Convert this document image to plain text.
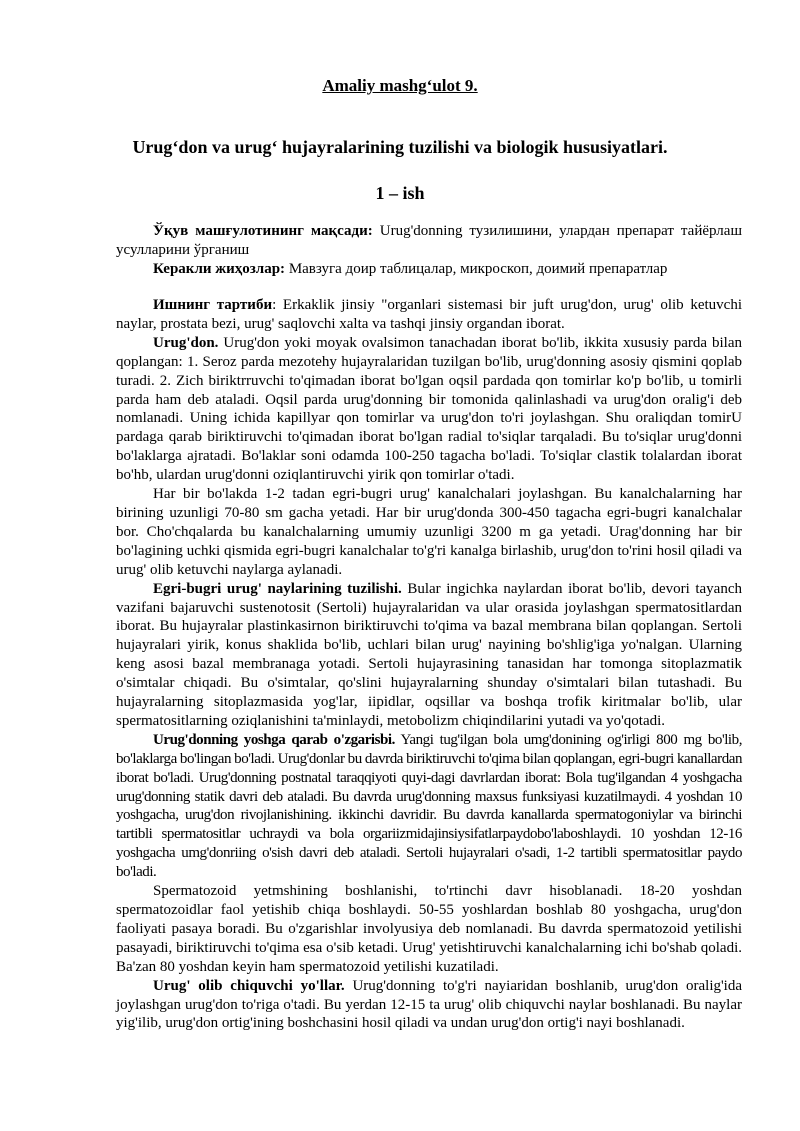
Amaliy mashg‘ulot 9.

Urug‘don va urug‘ hujayralarining tuzilishi va biologik hususiyatlari.

1 – ish

Ўқув машғулотининг мақсади: Urug'donning тузилишини, улардан препарат тайёрлаш усулларини ўрганиш

Керакли жиҳозлар: Мавзуга доир таблицалар, микроскоп, доимий препаратлар

Ишнинг тартиби: Erkaklik jinsiy "organlari sistemasi bir juft urug'don, urug' olib ketuvchi naylar, prostata bezi, urug' saqlovchi xalta va tashqi jinsiy organdan iborat.

Urug'don. Urug'don yoki moyak ovalsimon tanachadan iborat bo'lib, ikkita xususiy parda bilan qoplangan: 1. Seroz parda mezotehy hujayralaridan tuzilgan bo'lib, urug'donning asosiy qismini qoplab turadi. 2. Zich biriktrruvchi to'qimadan iborat bo'lgan oqsil pardada qon tomirlar ko'p bo'lib, u tomirli parda ham deb ataladi. Oqsil parda urug'donning bir tomonida qalinlashadi va urug'don oralig'i deb nomlanadi. Uning ichida kapillyar qon tomirlar va urug'don to'ri joylashgan. Shu oraliqdan tomirU pardaga qarab biriktiruvchi to'qimadan iborat bo'lgan radial to'siqlar tarqaladi. Bu to'siqlar urug'donni bo'laklarga ajratadi. Bo'laklar soni odamda 100-250 tagacha bo'ladi. To'siqlar clastik tolalardan iborat bo'hb, ulardan urug'donni oziqlantiruvchi yirik qon tomirlar o'tadi.

Har bir bo'lakda 1-2 tadan egri-bugri urug' kanalchalari joylashgan. Bu kanalchalarning har birining uzunligi 70-80 sm gacha yetadi. Har bir urug'donda 300-450 tagacha egri-bugri kanalchalar bor. Cho'chqalarda bu kanalchalarning umumiy uzunligi 3200 m ga yetadi. Urag'donning har bir bo'lagining uchki qismida egri-bugri kanalchalar to'g'ri kanalga birlashib, urug'don to'rini hosil qiladi va urug' olib ketuvchi naylarga aylanadi.

Egri-bugri urug' naylarining tuzilishi. Bular ingichka naylardan iborat bo'lib, devori tayanch vazifani bajaruvchi sustenotosit (Sertoli) hujayralaridan va ular orasida joylashgan spermatositlardan iborat. Bu hujayralar plastinkasirnon biriktiruvchi to'qima va bazal membrana bilan qoplangan. Sertoli hujayralari yirik, konus shaklida bo'lib, uchlari bilan urug' nayining bo'shlig'iga yo'nalgan. Ularning keng asosi bazal membranaga yotadi. Sertoli hujayrasining tanasidan har tomonga sitoplazmatik o'simtalar chiqadi. Bu o'simtalar, qo'slini hujayralarning shunday o'simtalari bilan tutashadi. Bu hujayralarning sitoplazmasida yog'lar, iipidlar, oqsillar va boshqa trofik kiritmalar bo'lib, ular spermatositlarning oziqlanishini ta'minlaydi, metobolizm chiqindilarini yutadi va yo'qotadi.

Urug'donning yoshga qarab o'zgarisbi. Yangi tug'ilgan bola umg'donining og'irligi 800 mg bo'lib, bo'laklarga bo'lingan bo'ladi. Urug'donlar bu davrda biriktiruvchi to'qima bilan qoplangan, egri-bugri kanallardan iborat bo'ladi. Urug'donning postnatal taraqqiyoti quyi-dagi davrlardan iborat: Bola tug'ilgandan 4 yoshgacha urug'donning statik davri deb ataladi. Bu davrda urug'donning maxsus funksiyasi kuzatilmaydi. 4 yoshdan 10 yoshgacha, urug'don rivojlanishining. ikkinchi davridir. Bu davrda kanallarda spermatogoniylar va birinchi tartibli spermatositlar uchraydi va bola orgariizmidajinsiysifatlarpaydobo'laboshlaydi. 10 yoshdan 12-16 yoshgacha umg'donriing o'sish davri deb ataladi. Sertoli hujayralari o'sadi, 1-2 tartibli spermatositlar paydo bo'ladi.

Spermatozoid yetmshining boshlanishi, to'rtinchi davr hisoblanadi. 18-20 yoshdan spermatozoidlar faol yetishib chiqa boshlaydi. 50-55 yoshlardan boshlab 80 yoshgacha, urug'don faoliyati pasaya boradi. Bu o'zgarishlar involyusiya deb nomlanadi. Bu davrda spermatozoid yetilishi pasayadi, biriktiruvchi to'qima esa o'sib ketadi. Urug' yetishtiruvchi kanalchalarning ichi bo'shab qoladi. Ba'zan 80 yoshdan keyin ham spermatozoid yetilishi kuzatiladi.

Urug' olib chiquvchi yo'llar. Urug'donning to'g'ri nayiaridan boshlanib, urug'don oralig'ida joylashgan urug'don to'riga o'tadi. Bu yerdan 12-15 ta urug' olib chiquvchi naylar boshlanadi. Bu naylar yig'ilib, urug'don ortig'ining boshchasini hosil qiladi va undan urug'don ortig'i nayi boshlanadi.
